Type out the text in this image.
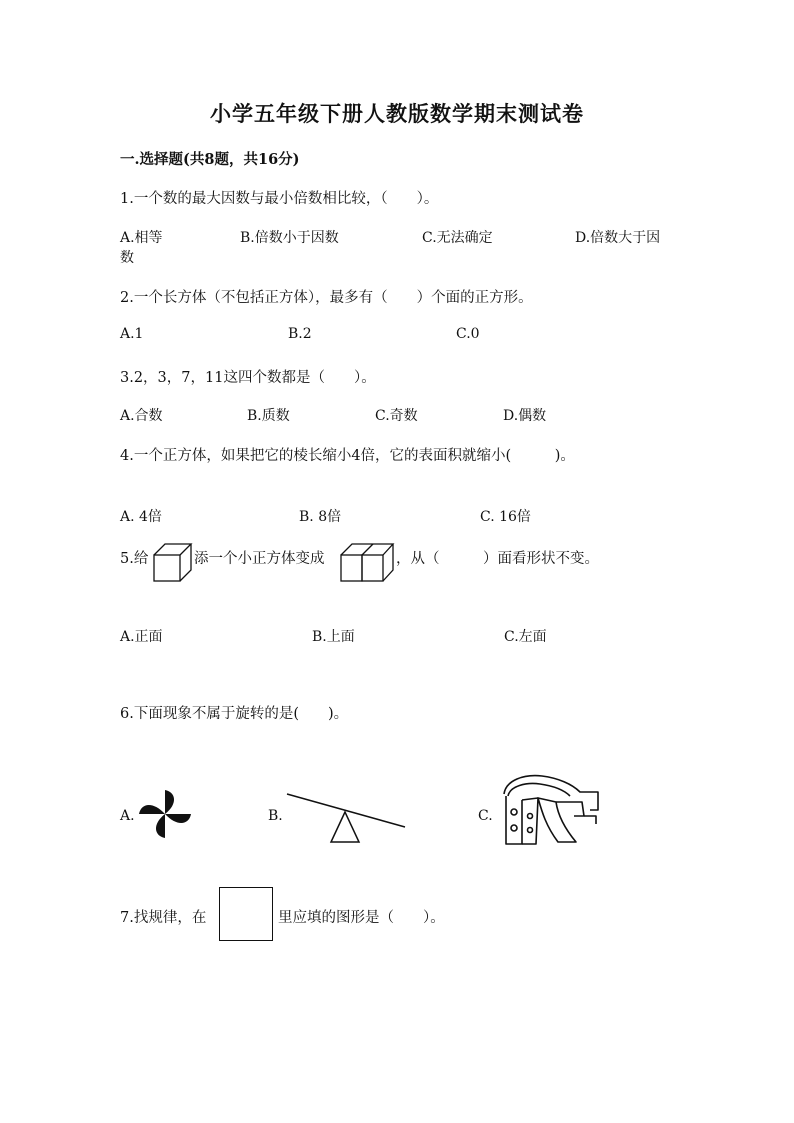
小学五年级下册人教版数学期末测试卷
一.选择题(共8题，共16分)
1.一个数的最大因数与最小倍数相比较，（　　）。
A.相等	B.倍数小于因数	C.无法确定	D.倍数大于因
数
2.一个长方体（不包括正方体），最多有（　　）个面的正方形。
A.1	B.2	C.0
3.2，3，7，11这四个数都是（　　）。
A.合数	B.质数	C.奇数	D.偶数
4.一个正方体，如果把它的棱长缩小4倍，它的表面积就缩小(　　　)。
A. 4倍	B. 8倍	C. 16倍
5.给	添一个小正方体变成	，从（　　　）面看形状不变。
A.正面	B.上面	C.左面
6.下面现象不属于旋转的是(　　)。
A.	B.	C.
7.找规律，在	里应填的图形是（　　）。
